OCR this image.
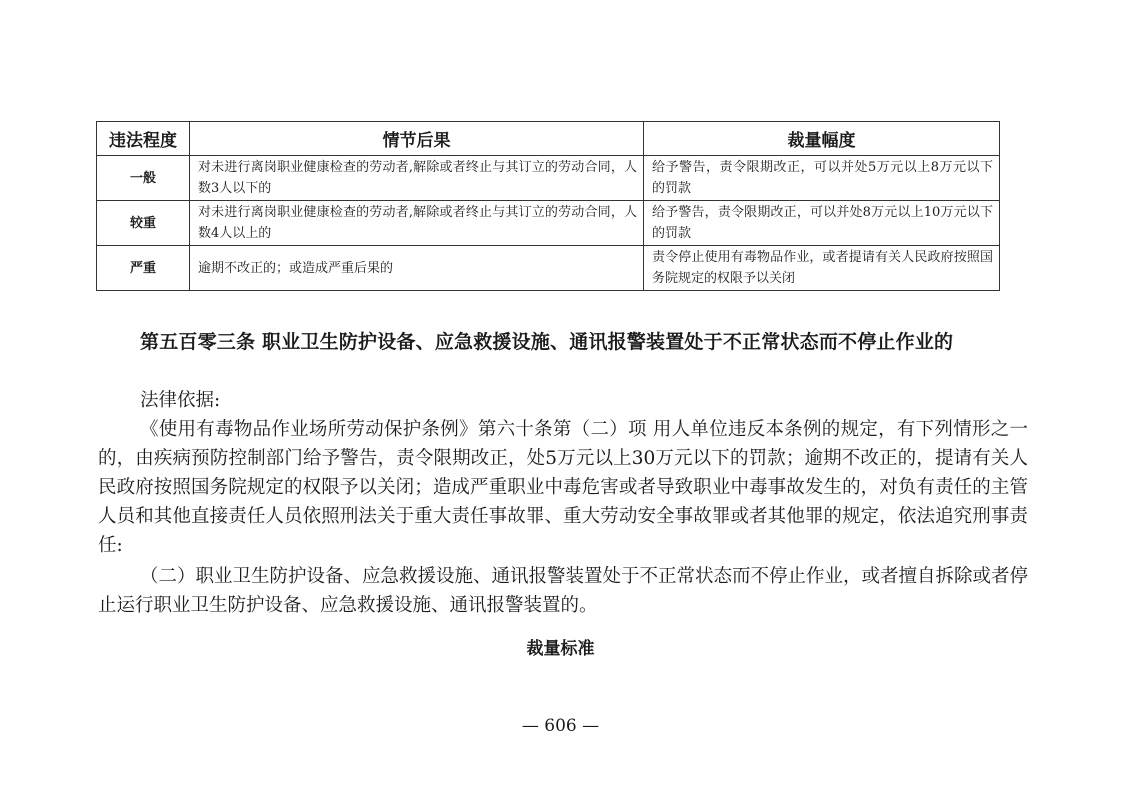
违法程度	情节后果	裁量幅度
一般	对未进行离岗职业健康检查的劳动者,解除或者终止与其订立的劳动合同，人数3人以下的	给予警告，责令限期改正，可以并处5万元以上8万元以下的罚款
较重	对未进行离岗职业健康检查的劳动者,解除或者终止与其订立的劳动合同，人数4人以上的	给予警告，责令限期改正，可以并处8万元以上10万元以下的罚款
严重	逾期不改正的；或造成严重后果的	责令停止使用有毒物品作业，或者提请有关人民政府按照国务院规定的权限予以关闭
第五百零三条 职业卫生防护设备、应急救援设施、通讯报警装置处于不正常状态而不停止作业的
法律依据:
《使用有毒物品作业场所劳动保护条例》第六十条第（二）项 用人单位违反本条例的规定，有下列情形之一的，由疾病预防控制部门给予警告，责令限期改正，处5万元以上30万元以下的罚款；逾期不改正的，提请有关人民政府按照国务院规定的权限予以关闭；造成严重职业中毒危害或者导致职业中毒事故发生的，对负有责任的主管人员和其他直接责任人员依照刑法关于重大责任事故罪、重大劳动安全事故罪或者其他罪的规定，依法追究刑事责任:
（二）职业卫生防护设备、应急救援设施、通讯报警装置处于不正常状态而不停止作业，或者擅自拆除或者停止运行职业卫生防护设备、应急救援设施、通讯报警装置的。
裁量标准
— 606 —
